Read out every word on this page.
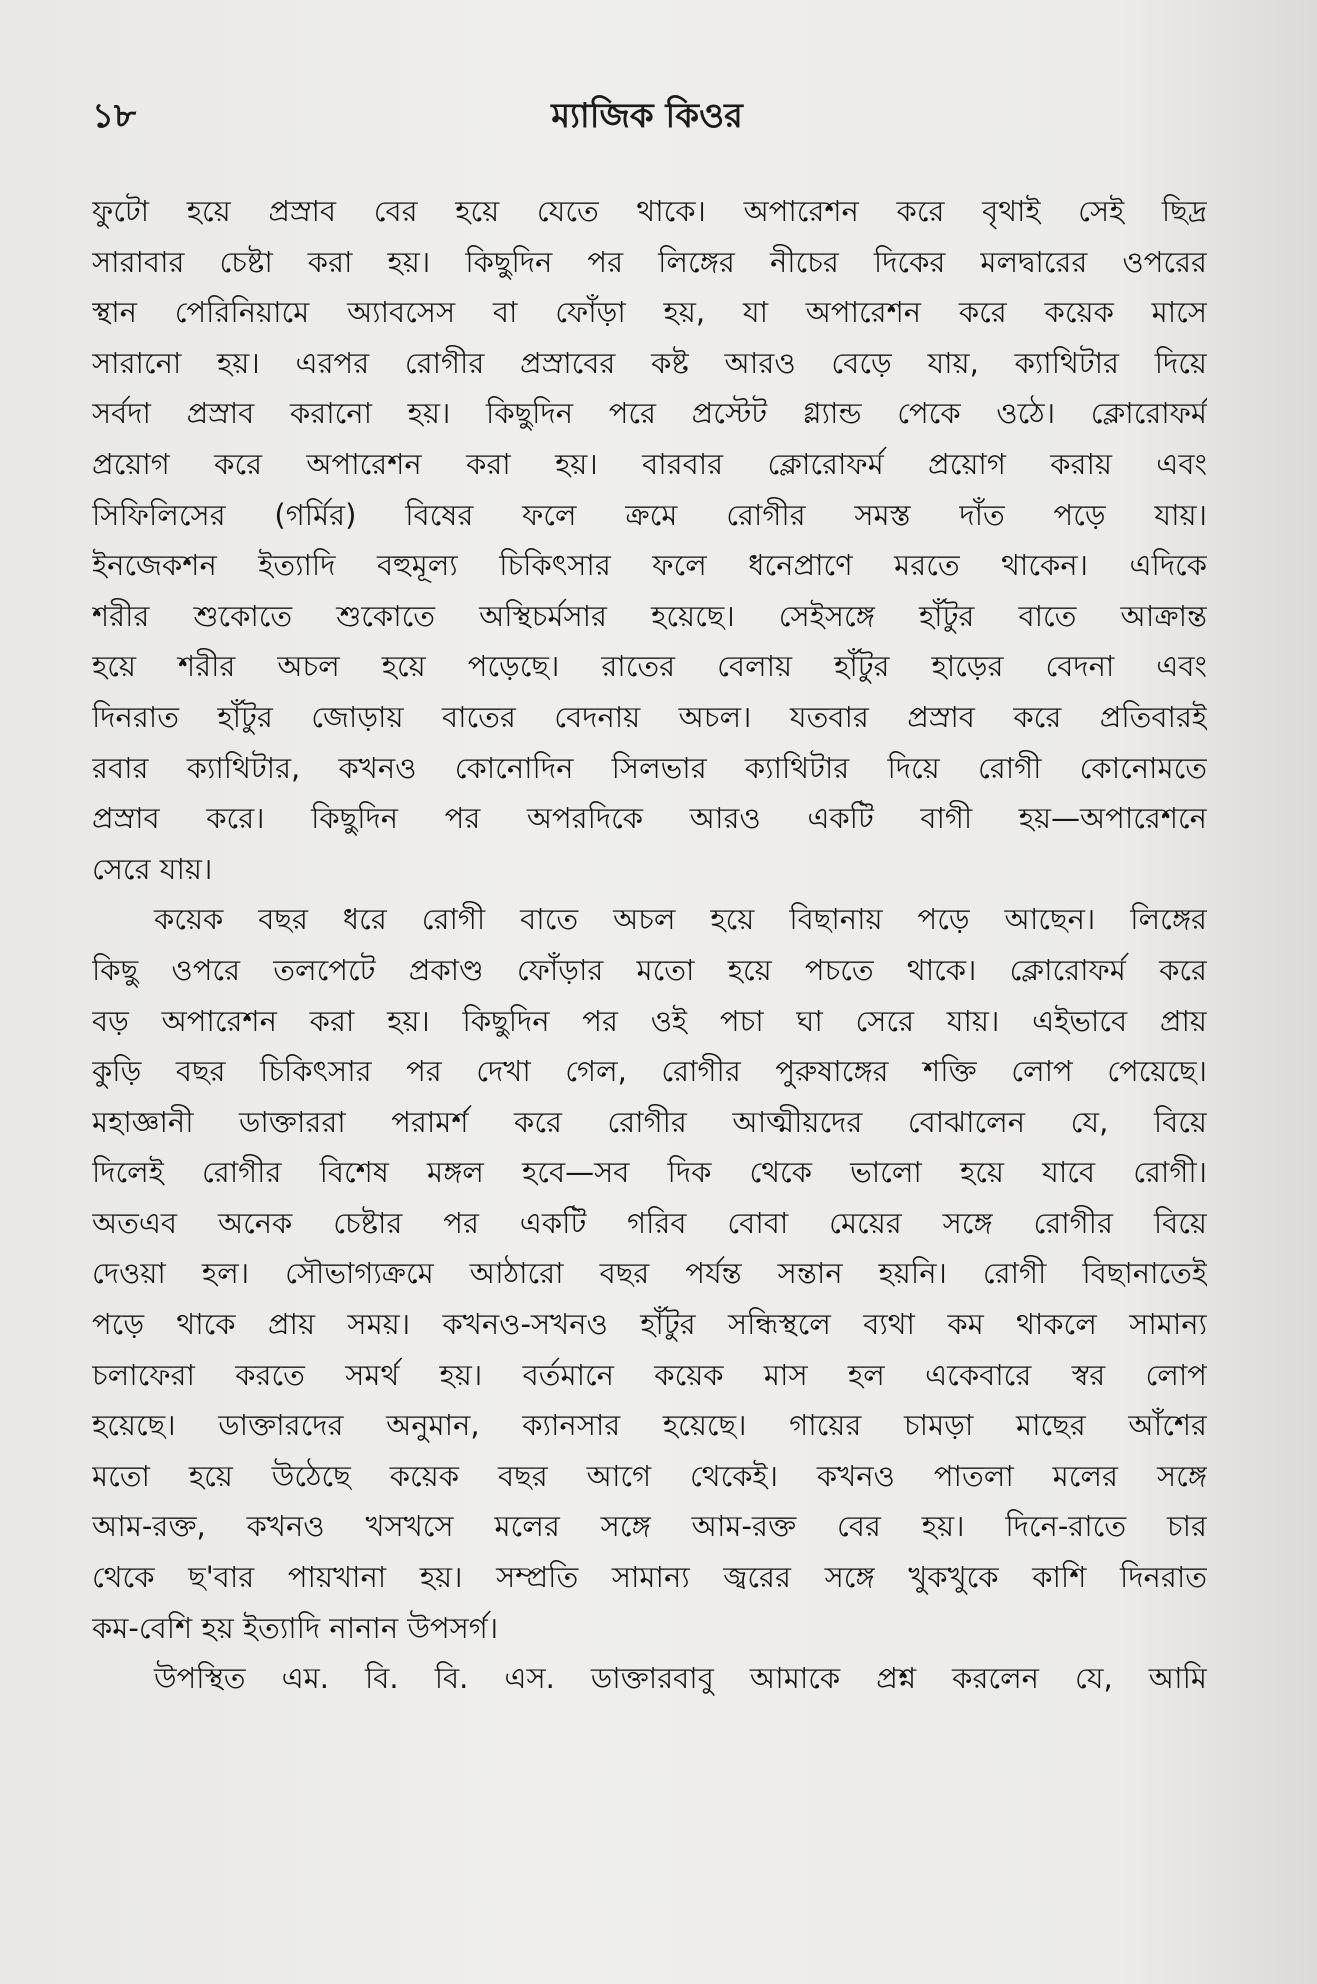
১৮	ম্যাজিক কিওর
ফুটো হয়ে প্রস্রাব বের হয়ে যেতে থাকে। অপারেশন করে বৃথাই সেই ছিদ্র
সারাবার চেষ্টা করা হয়। কিছুদিন পর লিঙ্গের নীচের দিকের মলদ্বারের ওপরের
স্থান পেরিনিয়ামে অ্যাবসেস বা ফোঁড়া হয়, যা অপারেশন করে কয়েক মাসে
সারানো হয়। এরপর রোগীর প্রস্রাবের কষ্ট আরও বেড়ে যায়, ক্যাথিটার দিয়ে
সর্বদা প্রস্রাব করানো হয়। কিছুদিন পরে প্রস্টেট গ্ল্যান্ড পেকে ওঠে। ক্লোরোফর্ম
প্রয়োগ করে অপারেশন করা হয়। বারবার ক্লোরোফর্ম প্রয়োগ করায় এবং
সিফিলিসের (গর্মির) বিষের ফলে ক্রমে রোগীর সমস্ত দাঁত পড়ে যায়।
ইনজেকশন ইত্যাদি বহুমূল্য চিকিৎসার ফলে ধনেপ্রাণে মরতে থাকেন। এদিকে
শরীর শুকোতে শুকোতে অস্থিচর্মসার হয়েছে। সেইসঙ্গে হাঁটুর বাতে আক্রান্ত
হয়ে শরীর অচল হয়ে পড়েছে। রাতের বেলায় হাঁটুর হাড়ের বেদনা এবং
দিনরাত হাঁটুর জোড়ায় বাতের বেদনায় অচল। যতবার প্রস্রাব করে প্রতিবারই
রবার ক্যাথিটার, কখনও কোনোদিন সিলভার ক্যাথিটার দিয়ে রোগী কোনোমতে
প্রস্রাব করে। কিছুদিন পর অপরদিকে আরও একটি বাগী হয়—অপারেশনে
সেরে যায়।
কয়েক বছর ধরে রোগী বাতে অচল হয়ে বিছানায় পড়ে আছেন। লিঙ্গের
কিছু ওপরে তলপেটে প্রকাণ্ড ফোঁড়ার মতো হয়ে পচতে থাকে। ক্লোরোফর্ম করে
বড় অপারেশন করা হয়। কিছুদিন পর ওই পচা ঘা সেরে যায়। এইভাবে প্রায়
কুড়ি বছর চিকিৎসার পর দেখা গেল, রোগীর পুরুষাঙ্গের শক্তি লোপ পেয়েছে।
মহাজ্ঞানী ডাক্তাররা পরামর্শ করে রোগীর আত্মীয়দের বোঝালেন যে, বিয়ে
দিলেই রোগীর বিশেষ মঙ্গল হবে—সব দিক থেকে ভালো হয়ে যাবে রোগী।
অতএব অনেক চেষ্টার পর একটি গরিব বোবা মেয়ের সঙ্গে রোগীর বিয়ে
দেওয়া হল। সৌভাগ্যক্রমে আঠারো বছর পর্যন্ত সন্তান হয়নি। রোগী বিছানাতেই
পড়ে থাকে প্রায় সময়। কখনও-সখনও হাঁটুর সন্ধিস্থলে ব্যথা কম থাকলে সামান্য
চলাফেরা করতে সমর্থ হয়। বর্তমানে কয়েক মাস হল একেবারে স্বর লোপ
হয়েছে। ডাক্তারদের অনুমান, ক্যানসার হয়েছে। গায়ের চামড়া মাছের আঁশের
মতো হয়ে উঠেছে কয়েক বছর আগে থেকেই। কখনও পাতলা মলের সঙ্গে
আম-রক্ত, কখনও খসখসে মলের সঙ্গে আম-রক্ত বের হয়। দিনে-রাতে চার
থেকে ছ'বার পায়খানা হয়। সম্প্রতি সামান্য জ্বরের সঙ্গে খুকখুকে কাশি দিনরাত
কম-বেশি হয় ইত্যাদি নানান উপসর্গ।
উপস্থিত এম. বি. বি. এস. ডাক্তারবাবু আমাকে প্রশ্ন করলেন যে, আমি
